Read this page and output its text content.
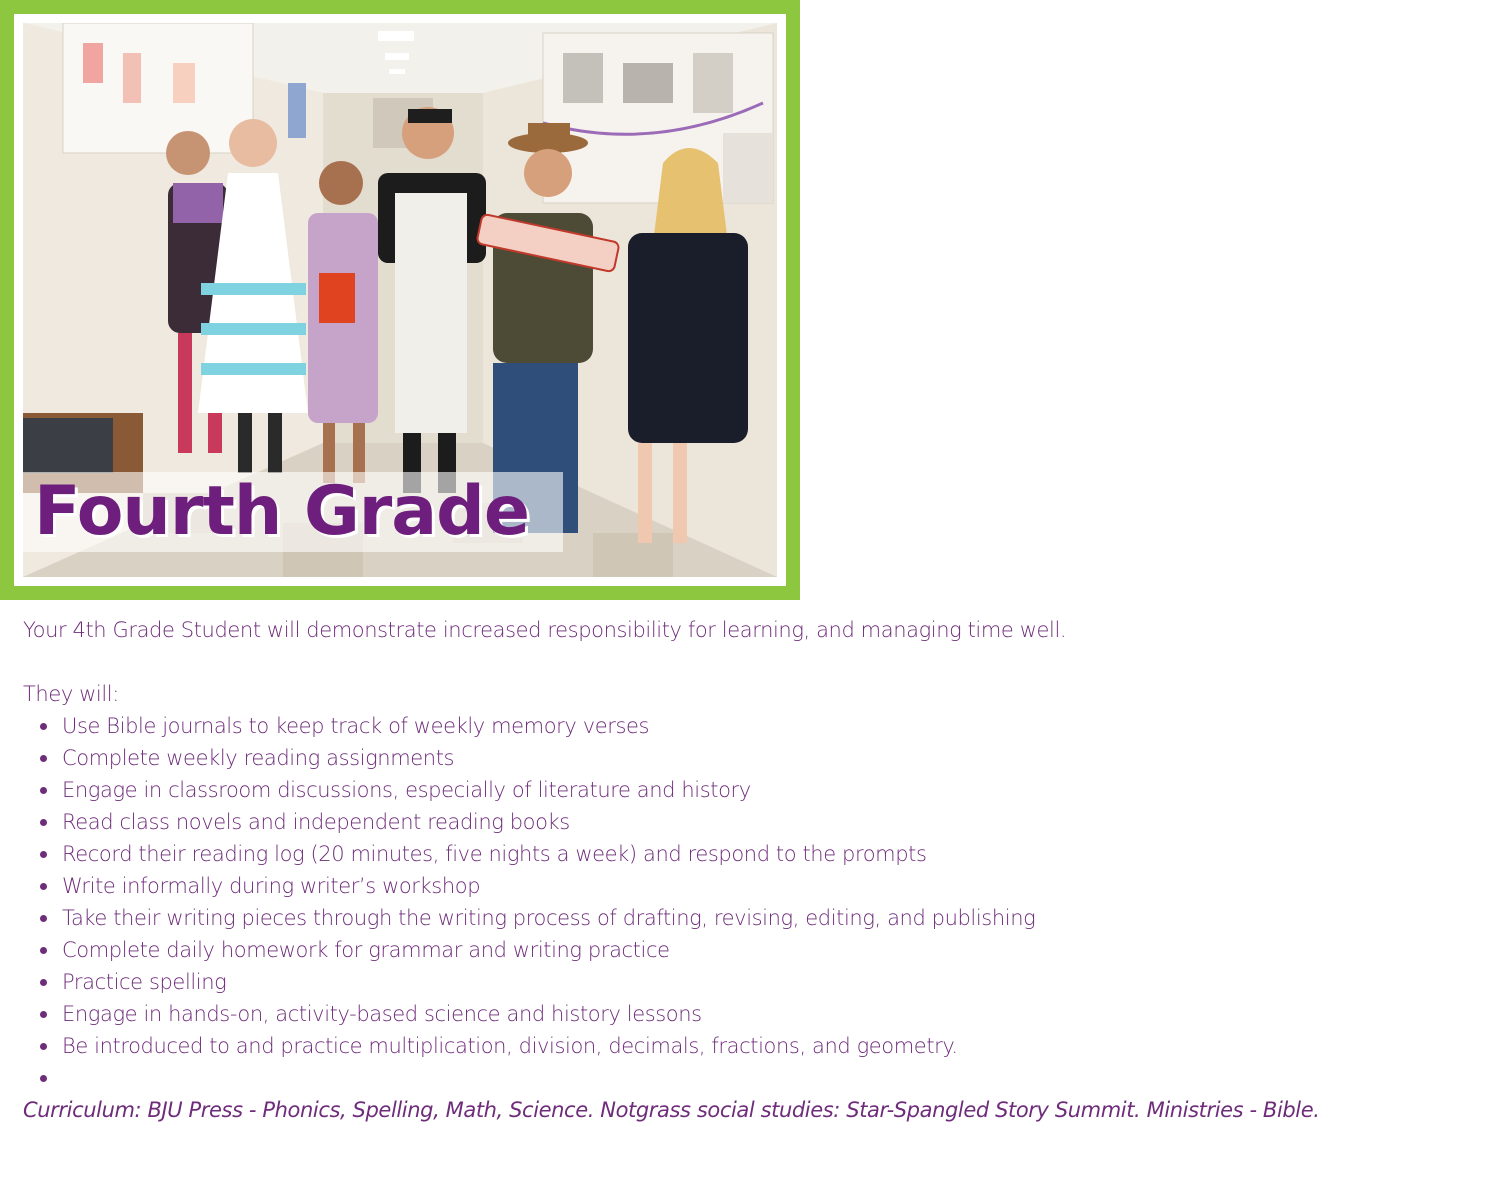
Fourth Grade

Your 4th Grade Student will demonstrate increased responsibility for learning, and managing time well.

They will:

Use Bible journals to keep track of weekly memory verses
Complete weekly reading assignments
Engage in classroom discussions, especially of literature and history
Read class novels and independent reading books
Record their reading log (20 minutes, five nights a week) and respond to the prompts
Write informally during writer’s workshop
Take their writing pieces through the writing process of drafting, revising, editing, and publishing
Complete daily homework for grammar and writing practice
Practice spelling
Engage in hands-on, activity-based science and history lessons
Be introduced to and practice multiplication, division, decimals, fractions, and geometry.

Curriculum: BJU Press - Phonics, Spelling, Math, Science. Notgrass social studies: Star-Spangled Story Summit. Ministries - Bible.
